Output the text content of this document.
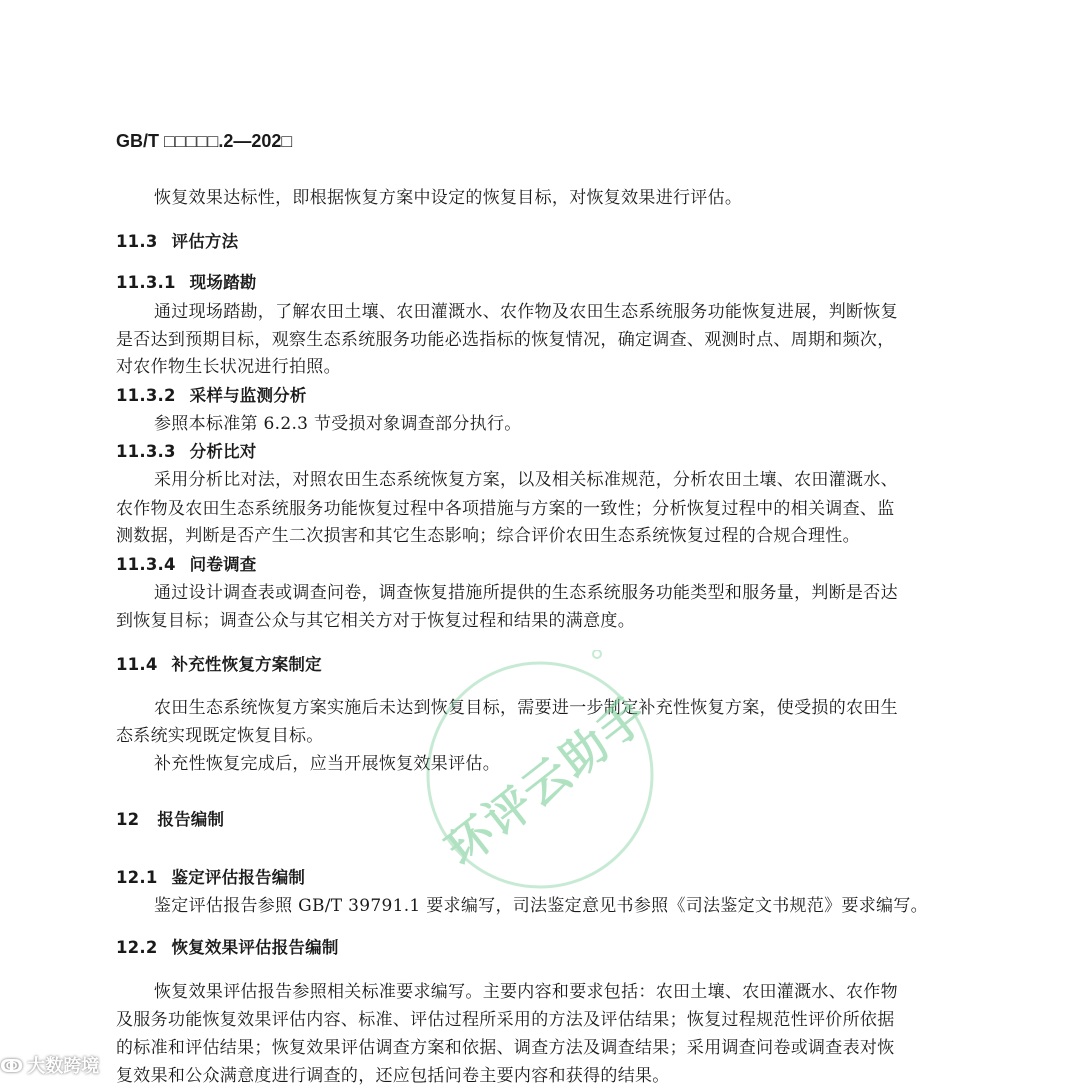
GB/T □□□□□.2—202□
恢复效果达标性，即根据恢复方案中设定的恢复目标，对恢复效果进行评估。
11.3 评估方法
11.3.1 现场踏勘
通过现场踏勘，了解农田土壤、农田灌溉水、农作物及农田生态系统服务功能恢复进展，判断恢复
是否达到预期目标，观察生态系统服务功能必选指标的恢复情况，确定调查、观测时点、周期和频次，
对农作物生长状况进行拍照。
11.3.2 采样与监测分析
参照本标准第 6.2.3 节受损对象调查部分执行。
11.3.3 分析比对
采用分析比对法，对照农田生态系统恢复方案，以及相关标准规范，分析农田土壤、农田灌溉水、
农作物及农田生态系统服务功能恢复过程中各项措施与方案的一致性；分析恢复过程中的相关调查、监
测数据，判断是否产生二次损害和其它生态影响；综合评价农田生态系统恢复过程的合规合理性。
11.3.4 问卷调查
通过设计调查表或调查问卷，调查恢复措施所提供的生态系统服务功能类型和服务量，判断是否达
到恢复目标；调查公众与其它相关方对于恢复过程和结果的满意度。
11.4 补充性恢复方案制定
农田生态系统恢复方案实施后未达到恢复目标，需要进一步制定补充性恢复方案，使受损的农田生
态系统实现既定恢复目标。
补充性恢复完成后，应当开展恢复效果评估。
12 报告编制
12.1 鉴定评估报告编制
鉴定评估报告参照 GB/T 39791.1 要求编写，司法鉴定意见书参照《司法鉴定文书规范》要求编写。
12.2 恢复效果评估报告编制
恢复效果评估报告参照相关标准要求编写。主要内容和要求包括：农田土壤、农田灌溉水、农作物
及服务功能恢复效果评估内容、标准、评估过程所采用的方法及评估结果；恢复过程规范性评价所依据
的标准和评估结果；恢复效果评估调查方案和依据、调查方法及调查结果；采用调查问卷或调查表对恢
复效果和公众满意度进行调查的，还应包括问卷主要内容和获得的结果。
环评云助手
ↂ 大数跨境
